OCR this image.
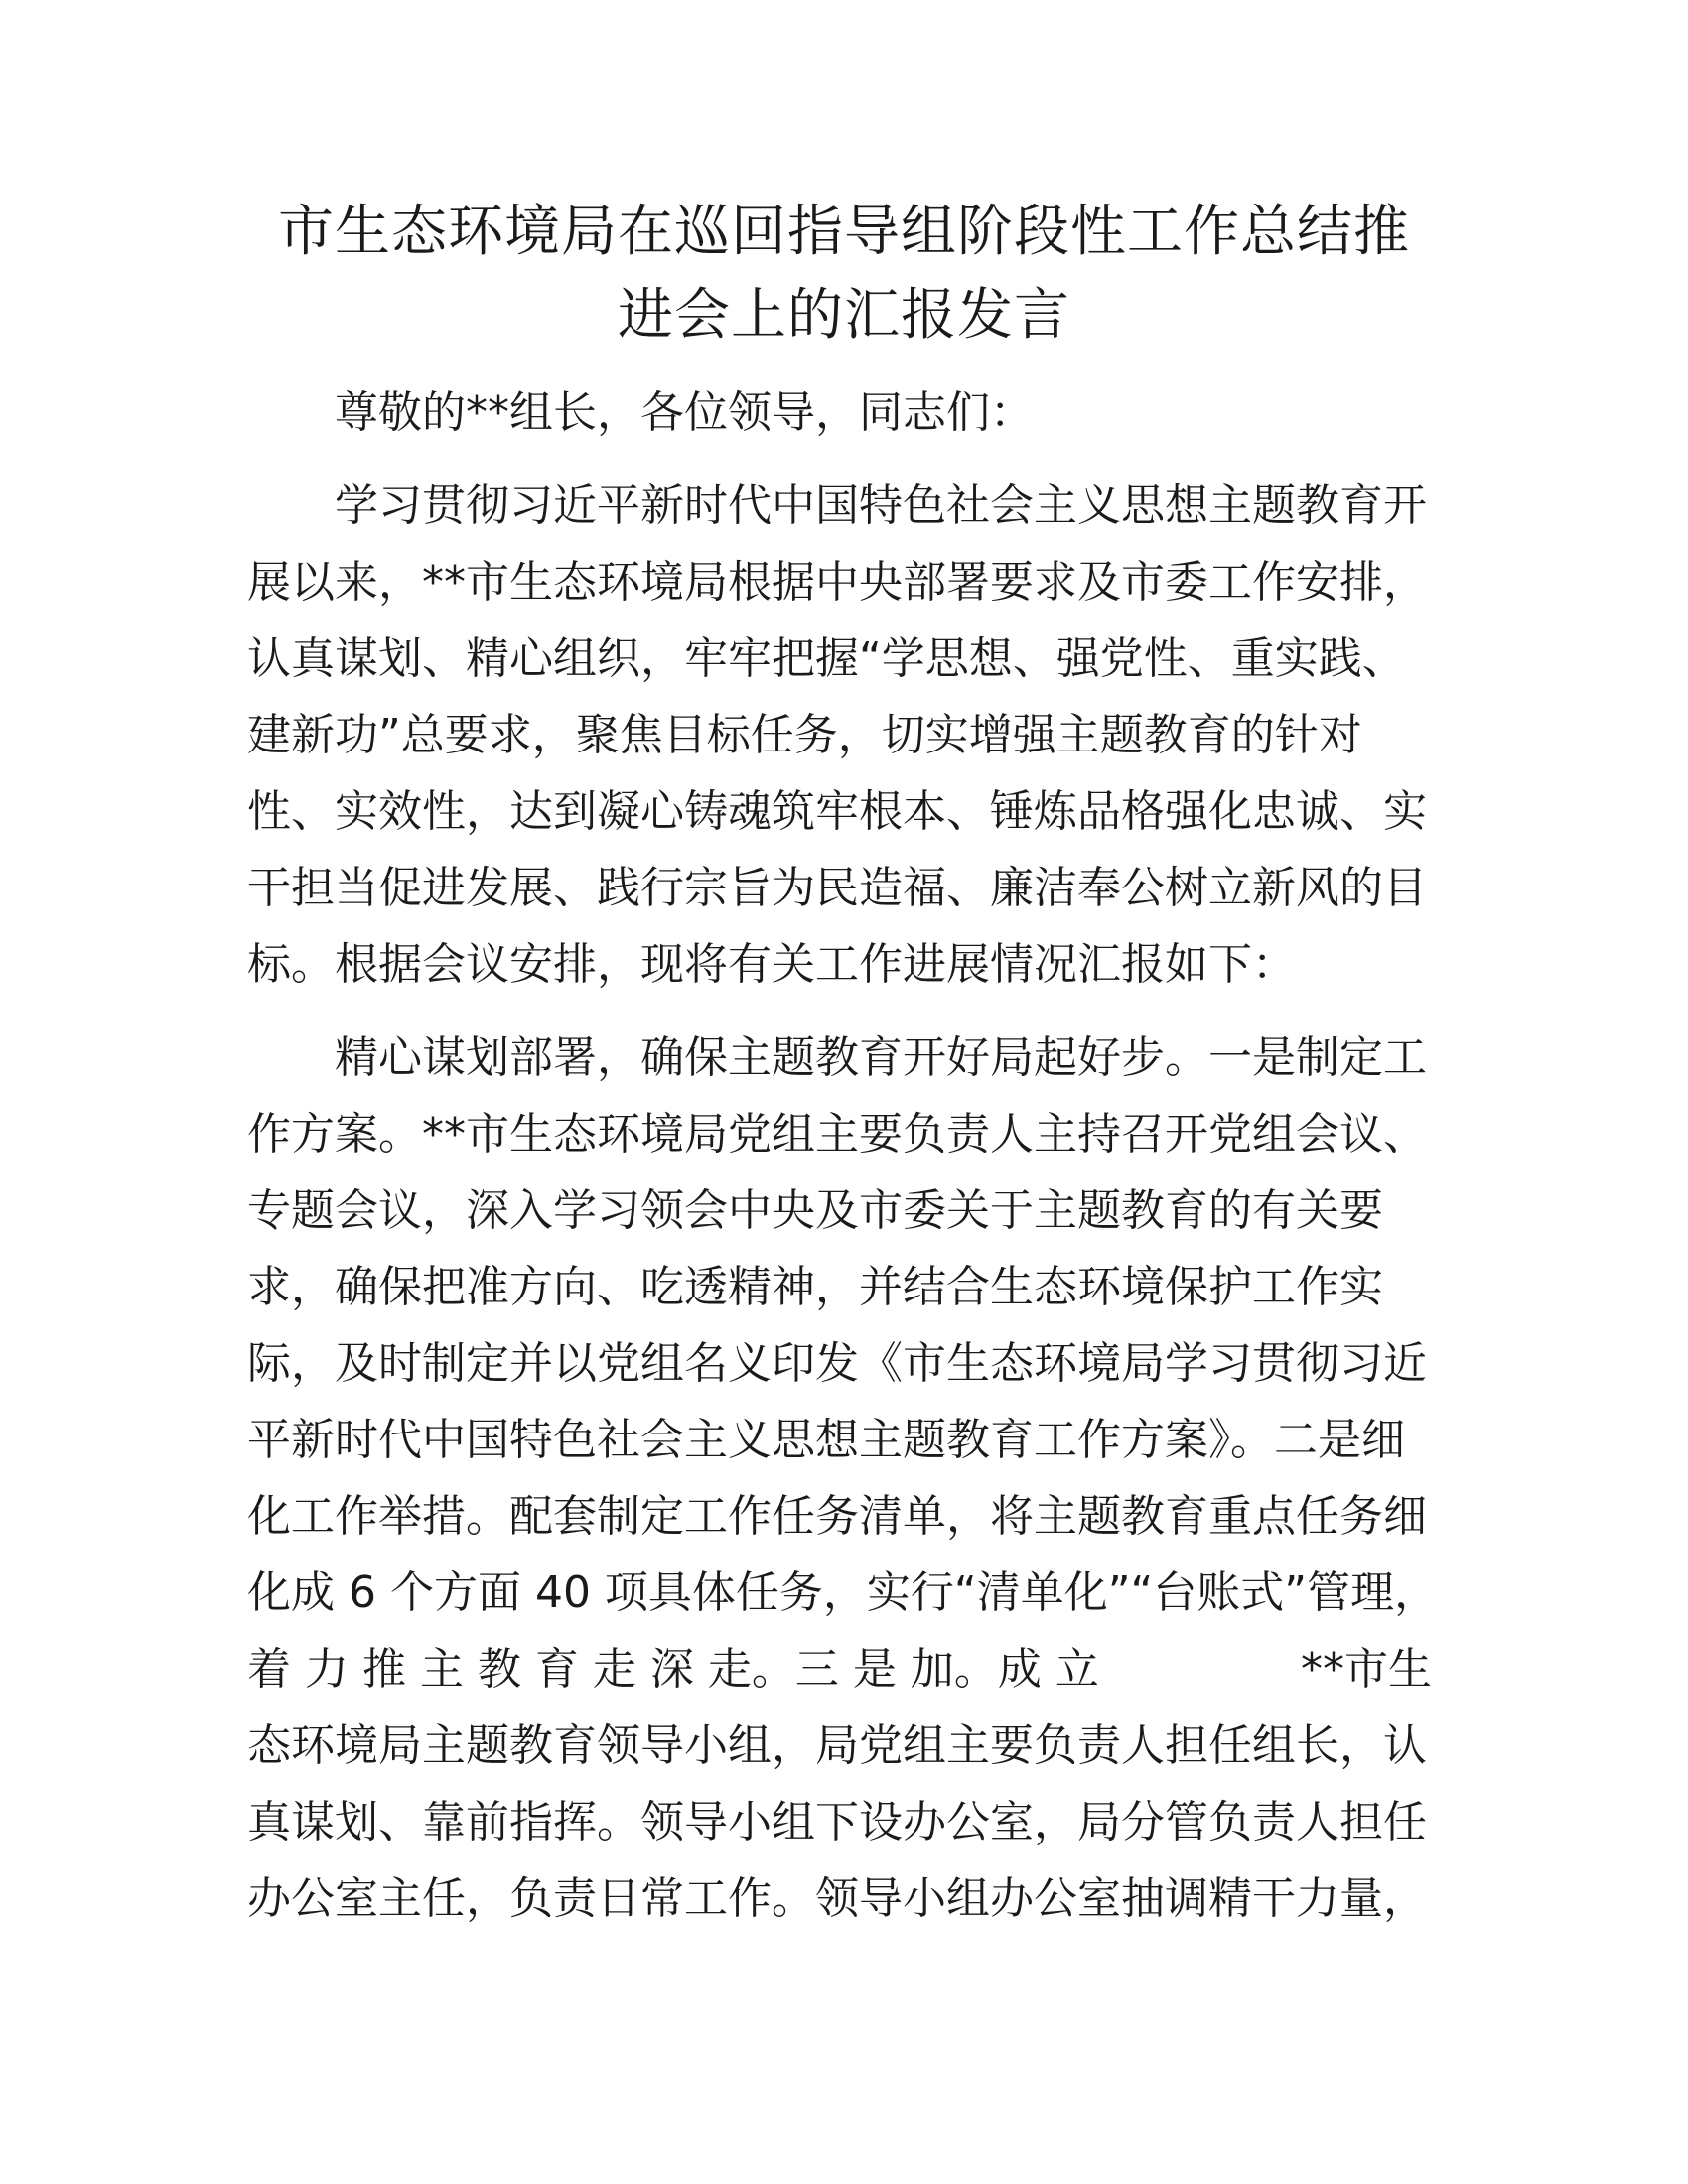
市生态环境局在巡回指导组阶段性工作总结推
进会上的汇报发言

尊敬的**组长，各位领导，同志们：

学习贯彻习近平新时代中国特色社会主义思想主题教育开

展以来，**市生态环境局根据中央部署要求及市委工作安排，

认真谋划、精心组织，牢牢把握“学思想、强党性、重实践、

建新功”总要求，聚焦目标任务，切实增强主题教育的针对

性、实效性，达到凝心铸魂筑牢根本、锤炼品格强化忠诚、实

干担当促进发展、践行宗旨为民造福、廉洁奉公树立新风的目

标。根据会议安排，现将有关工作进展情况汇报如下：

精心谋划部署，确保主题教育开好局起好步。一是制定工

作方案。**市生态环境局党组主要负责人主持召开党组会议、

专题会议，深入学习领会中央及市委关于主题教育的有关要

求，确保把准方向、吃透精神，并结合生态环境保护工作实

际，及时制定并以党组名义印发《市生态环境局学习贯彻习近

平新时代中国特色社会主义思想主题教育工作方案》。二是细

化工作举措。配套制定工作任务清单，将主题教育重点任务细

化成 6 个方面 40 项具体任务，实行“清单化”“台账式”管理，

着 力 推 主 教 育 走 深 走。三 是 加。成 立	**市生

态环境局主题教育领导小组，局党组主要负责人担任组长，认

真谋划、靠前指挥。领导小组下设办公室，局分管负责人担任

办公室主任，负责日常工作。领导小组办公室抽调精干力量，
